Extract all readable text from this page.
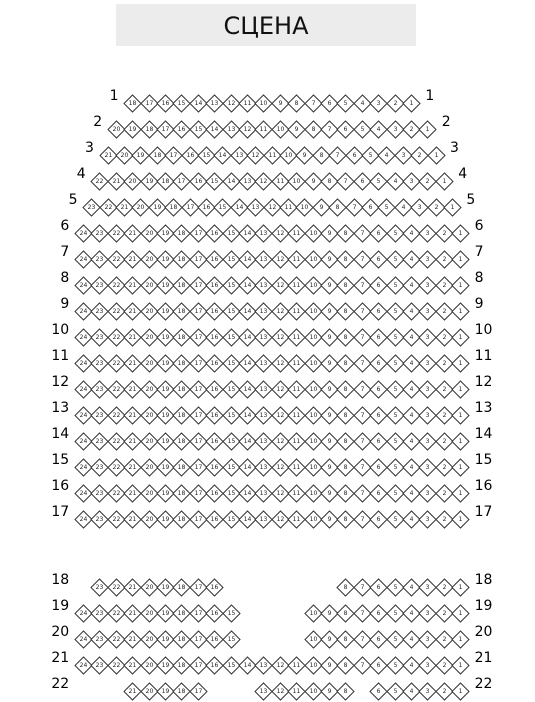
СЦЕНА
18 17 16 15 14 13 12 11 10	9	8	7	6	5	4	3	2	1
1	1
20 19 18 17 16 15 14 13 12 11 10	9	8	7	6	5	4	3	2	1
2	2
21 20 19 18 17 16 15 14 13 12 11 10	9	8	7	6	5	4	3	2	1
3	3
22 21 20 19 18 17 16 15 14 13 12 11 10	9	8	7	6	5	4	3	2	1
4	4
23 22 21 20 19 18 17 16 15 14 13 12 11 10	9	8	7	6	5	4	3	2	1
5	5
24 23 22 21 20 19 18 17 16 15 14 13 12 11 10	9	8	7	6	5	4	3	2	1
6	6
24 23 22 21 20 19 18 17 16 15 14 13 12 11 10	9	8	7	6	5	4	3	2	1
7	7
24 23 22 21 20 19 18 17 16 15 14 13 12 11 10	9	8	7	6	5	4	3	2	1
8	8
24 23 22 21 20 19 18 17 16 15 14 13 12 11 10	9	8	7	6	5	4	3	2	1
9	9
24 23 22 21 20 19 18 17 16 15 14 13 12 11 10	9	8	7	6	5	4	3	2	1
10	10
24 23 22 21 20 19 18 17 16 15 14 13 12 11 10	9	8	7	6	5	4	3	2	1
11	11
24 23 22 21 20 19 18 17 16 15 14 13 12 11 10	9	8	7	6	5	4	3	2	1
12	12
24 23 22 21 20 19 18 17 16 15 14 13 12 11 10	9	8	7	6	5	4	3	2	1
13	13
24 23 22 21 20 19 18 17 16 15 14 13 12 11 10	9	8	7	6	5	4	3	2	1
14	14
24 23 22 21 20 19 18 17 16 15 14 13 12 11 10	9	8	7	6	5	4	3	2	1
15	15
24 23 22 21 20 19 18 17 16 15 14 13 12 11 10	9	8	7	6	5	4	3	2	1
16	16
24 23 22 21 20 19 18 17 16 15 14 13 12 11 10	9	8	7	6	5	4	3	2	1
17	17
23 22 21 20 19 18 17 16	8	7	6	5	4	3	2	1
18	18
24 23 22 21 20 19 18 17 16 15	10	9	8	7	6	5	4	3	2	1
19	19
24 23 22 21 20 19 18 17 16 15	10	9	8	7	6	5	4	3	2	1
20	20
24 23 22 21 20 19 18 17 16 15 14 13 12 11 10	9	8	7	6	5	4	3	2	1
21	21
21 20 19 18 17	13 12 11 10	9	8	6	5	4	3	2	1
22	22
